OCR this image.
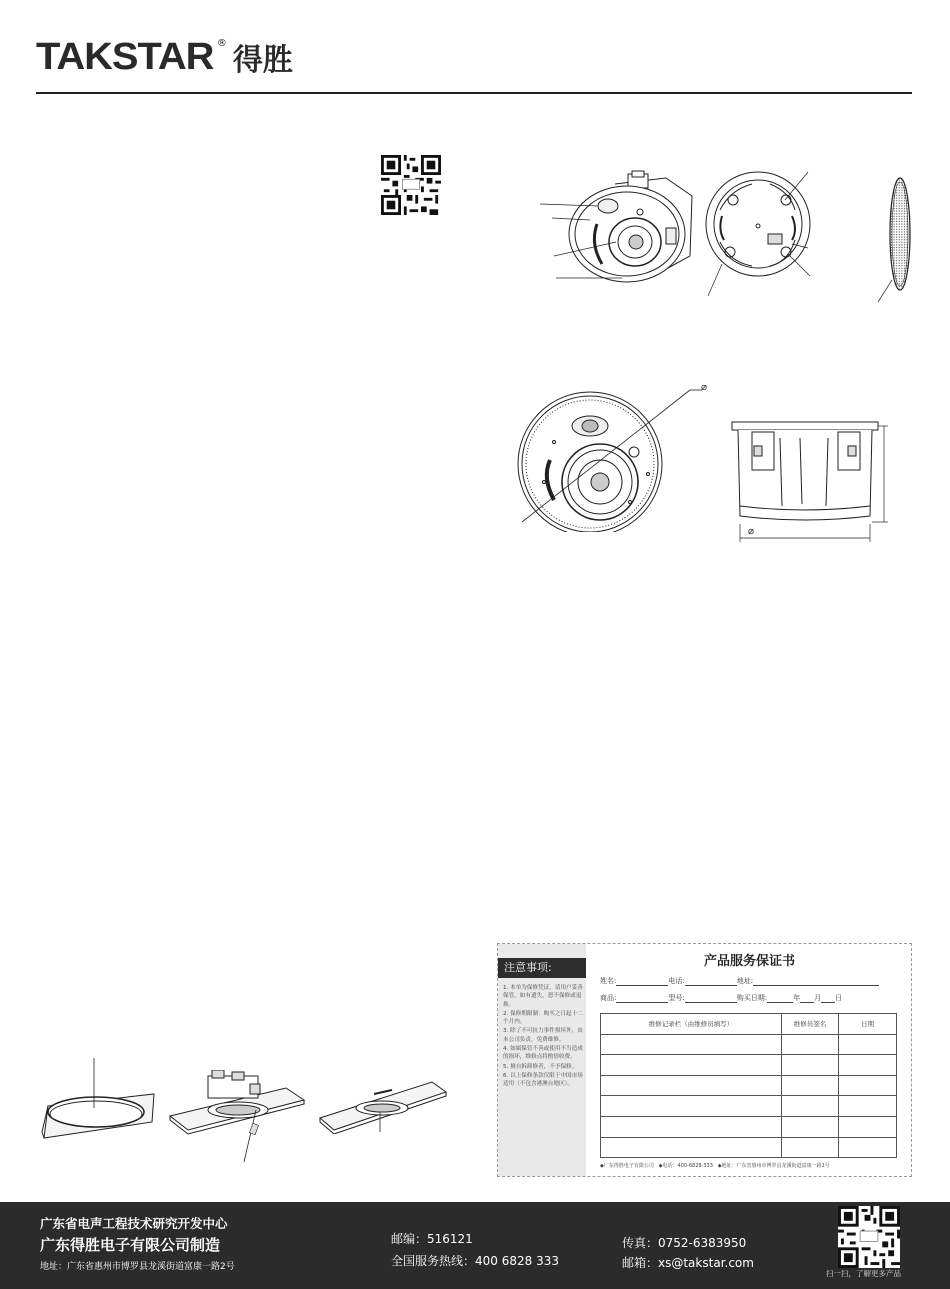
TAKSTAR ® 得胜
⌀
⌀
注意事项:
1. 本单为保修凭证，请用户妥善保管，如有遗失，恕不保修或退换。
2. 保修期限制：购买之日起十二个月内。
3. 除了不可抗力事件损坏外，由本公司负责，免费维修。
4. 如属保管不善或使用不当造成的损坏，维修点将酌情收费。
5. 擅自拆卸修者，不予保修。
6. 以上保修条款仅限于中国市场适用（不包含港澳台地区）。
产品服务保证书
姓名:	电话:	地址:
商品:	型号:	购买日期:	年 月 日
维修记录栏（由维修员填写）	维修员签名	日期

◆广东得胜电子有限公司 ◆电话：400-6828-333 ◆地址：广东省惠州市博罗县龙溪街道富康一路2号
广东省电声工程技术研究开发中心
广东得胜电子有限公司制造
地址：广东省惠州市博罗县龙溪街道富康一路2号
邮编：516121
全国服务热线：400 6828 333
传真：0752-6383950
邮箱：xs@takstar.com
扫一扫，了解更多产品
